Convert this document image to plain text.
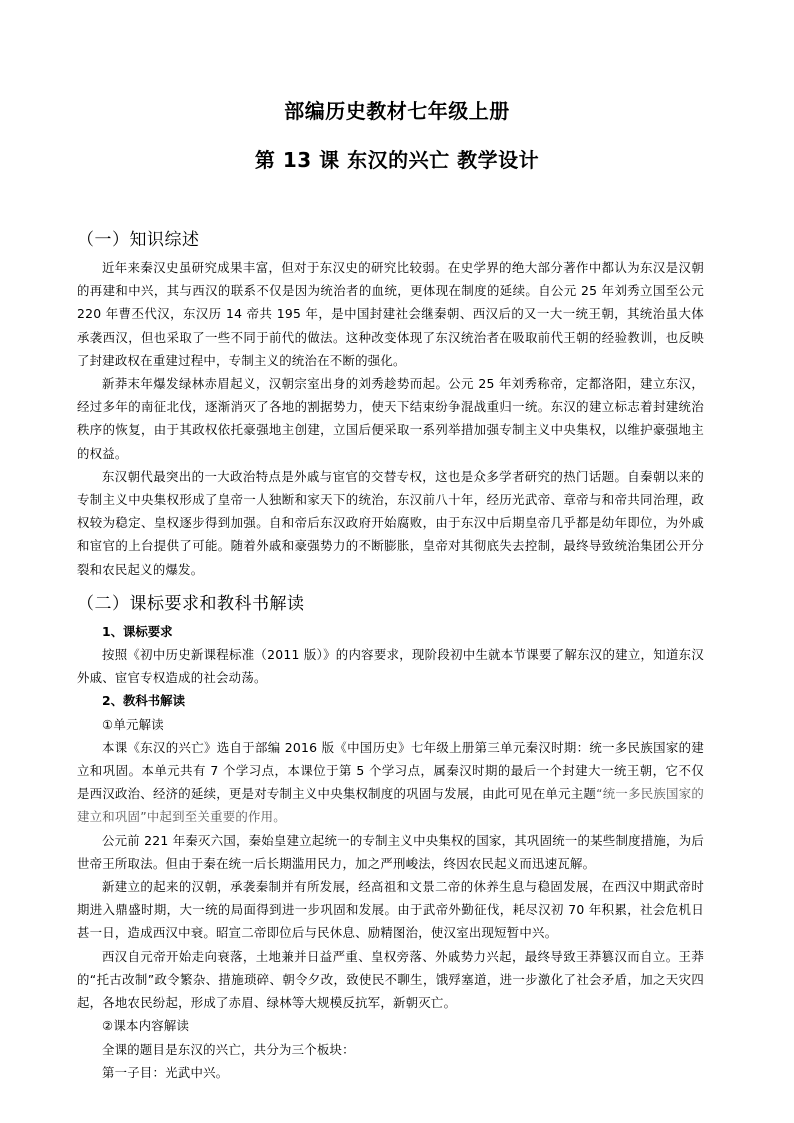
部编历史教材七年级上册
第 13 课 东汉的兴亡 教学设计
（一）知识综述

近年来秦汉史虽研究成果丰富，但对于东汉史的研究比较弱。在史学界的绝大部分著作中都认为东汉是汉朝的再建和中兴，其与西汉的联系不仅是因为统治者的血统，更体现在制度的延续。自公元 25 年刘秀立国至公元 220 年曹丕代汉，东汉历 14 帝共 195 年，是中国封建社会继秦朝、西汉后的又一大一统王朝，其统治虽大体承袭西汉，但也采取了一些不同于前代的做法。这种改变体现了东汉统治者在吸取前代王朝的经验教训，也反映了封建政权在重建过程中，专制主义的统治在不断的强化。

新莽末年爆发绿林赤眉起义，汉朝宗室出身的刘秀趁势而起。公元 25 年刘秀称帝，定都洛阳，建立东汉，经过多年的南征北伐，逐渐消灭了各地的割据势力，使天下结束纷争混战重归一统。东汉的建立标志着封建统治秩序的恢复，由于其政权依托豪强地主创建，立国后便采取一系列举措加强专制主义中央集权，以维护豪强地主的权益。

东汉朝代最突出的一大政治特点是外戚与宦官的交替专权，这也是众多学者研究的热门话题。自秦朝以来的专制主义中央集权形成了皇帝一人独断和家天下的统治，东汉前八十年，经历光武帝、章帝与和帝共同治理，政权较为稳定、皇权逐步得到加强。自和帝后东汉政府开始腐败，由于东汉中后期皇帝几乎都是幼年即位，为外戚和宦官的上台提供了可能。随着外戚和豪强势力的不断膨胀，皇帝对其彻底失去控制，最终导致统治集团公开分裂和农民起义的爆发。

（二）课标要求和教科书解读

1、课标要求

按照《初中历史新课程标准（2011 版）》的内容要求，现阶段初中生就本节课要了解东汉的建立，知道东汉外戚、宦官专权造成的社会动荡。

2、教科书解读

①单元解读

本课《东汉的兴亡》选自于部编 2016 版《中国历史》七年级上册第三单元秦汉时期：统一多民族国家的建立和巩固。本单元共有 7 个学习点，本课位于第 5 个学习点，属秦汉时期的最后一个封建大一统王朝，它不仅是西汉政治、经济的延续，更是对专制主义中央集权制度的巩固与发展，由此可见在单元主题“统一多民族国家的建立和巩固”中起到至关重要的作用。

公元前 221 年秦灭六国，秦始皇建立起统一的专制主义中央集权的国家，其巩固统一的某些制度措施，为后世帝王所取法。但由于秦在统一后长期滥用民力，加之严刑峻法，终因农民起义而迅速瓦解。

新建立的起来的汉朝，承袭秦制并有所发展，经高祖和文景二帝的休养生息与稳固发展，在西汉中期武帝时期进入鼎盛时期，大一统的局面得到进一步巩固和发展。由于武帝外勤征伐，耗尽汉初 70 年积累，社会危机日甚一日，造成西汉中衰。昭宣二帝即位后与民休息、励精图治，使汉室出现短暂中兴。

西汉自元帝开始走向衰落，土地兼并日益严重、皇权旁落、外戚势力兴起，最终导致王莽篡汉而自立。王莽的“托古改制”政令繁杂、措施琐碎、朝令夕改，致使民不聊生，饿殍塞道，进一步激化了社会矛盾，加之天灾四起，各地农民纷起，形成了赤眉、绿林等大规模反抗军，新朝灭亡。

②课本内容解读

全课的题目是东汉的兴亡，共分为三个板块：

第一子目：光武中兴。
